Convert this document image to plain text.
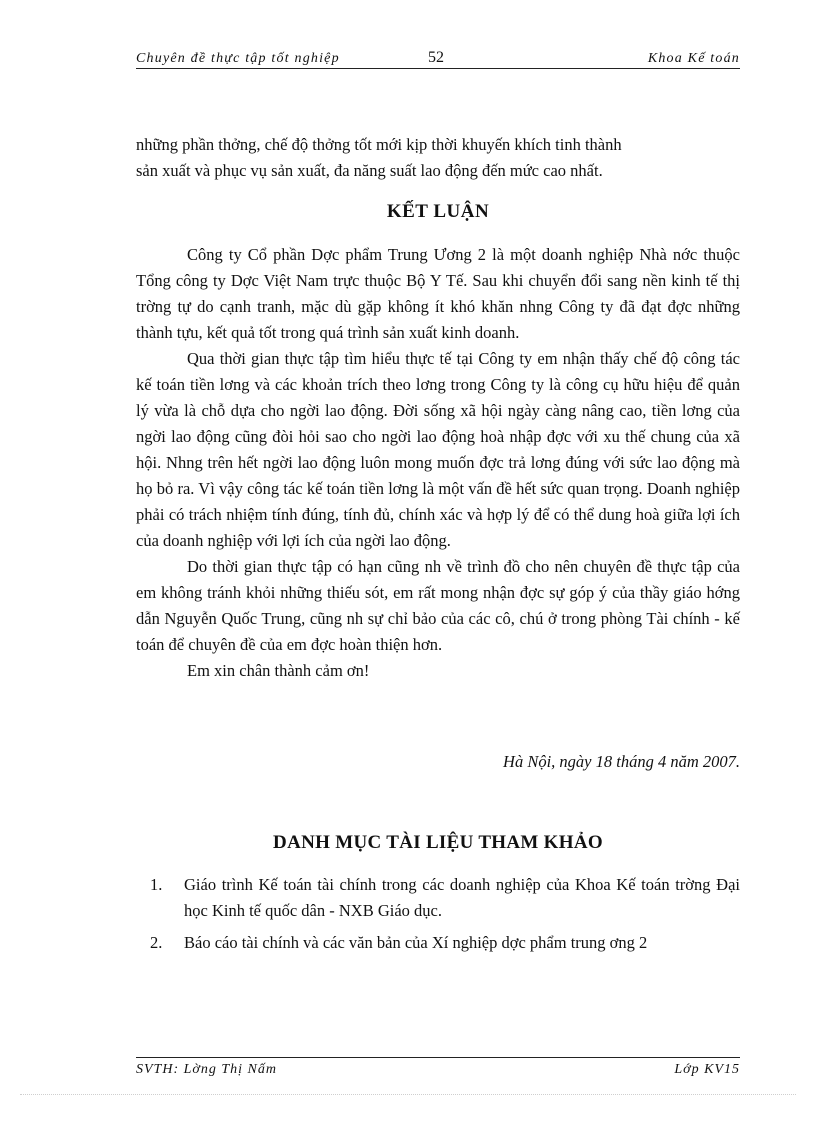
Chuyên đề thực tập tốt nghiệp	52	Khoa Kế toán
những phần thởng, chế độ thởng tốt mới kịp thời khuyến khích tinh thành
sản xuất và phục vụ sản xuất, đa năng suất lao động đến mức cao nhất.
KẾT LUẬN

Công ty Cổ phần Dợc phẩm Trung Ương 2 là một doanh nghiệp Nhà nớc thuộc Tổng công ty Dợc Việt Nam trực thuộc Bộ Y Tế. Sau khi chuyển đổi sang nền kinh tế thị trờng tự do cạnh tranh, mặc dù gặp không ít khó khăn nhng Công ty đã đạt đợc những thành tựu, kết quả tốt trong quá trình sản xuất kinh doanh.

Qua thời gian thực tập tìm hiểu thực tế tại Công ty em nhận thấy chế độ công tác kế toán tiền lơng và các khoản trích theo lơng trong Công ty là công cụ hữu hiệu để quản lý vừa là chỗ dựa cho ngời lao động. Đời sống xã hội ngày càng nâng cao, tiền lơng của ngời lao động cũng đòi hỏi sao cho ngời lao động hoà nhập đợc với xu thế chung của xã hội. Nhng trên hết ngời lao động luôn mong muốn đợc trả lơng đúng với sức lao động mà họ bỏ ra. Vì vậy công tác kế toán tiền lơng là một vấn đề hết sức quan trọng. Doanh nghiệp phải có trách nhiệm tính đúng, tính đủ, chính xác và hợp lý để có thể dung hoà giữa lợi ích của doanh nghiệp với lợi ích của ngời lao động.

Do thời gian thực tập có hạn cũng nh về trình đồ cho nên chuyên đề thực tập của em không tránh khỏi những thiếu sót, em rất mong nhận đợc sự góp ý của thầy giáo hớng dẫn Nguyễn Quốc Trung, cũng nh sự chỉ bảo của các cô, chú ở trong phòng Tài chính - kế toán để chuyên đề của em đợc hoàn thiện hơn.

Em xin chân thành cảm ơn!

Hà Nội, ngày 18 tháng 4 năm 2007.
DANH MỤC TÀI LIỆU THAM KHẢO
1. Giáo trình Kế toán tài chính trong các doanh nghiệp của Khoa Kế toán trờng Đại học Kinh tế quốc dân - NXB Giáo dục.
2. Báo cáo tài chính và các văn bản của Xí nghiệp dợc phẩm trung ơng 2
SVTH: Lờng Thị Nấm	Lớp KV15
